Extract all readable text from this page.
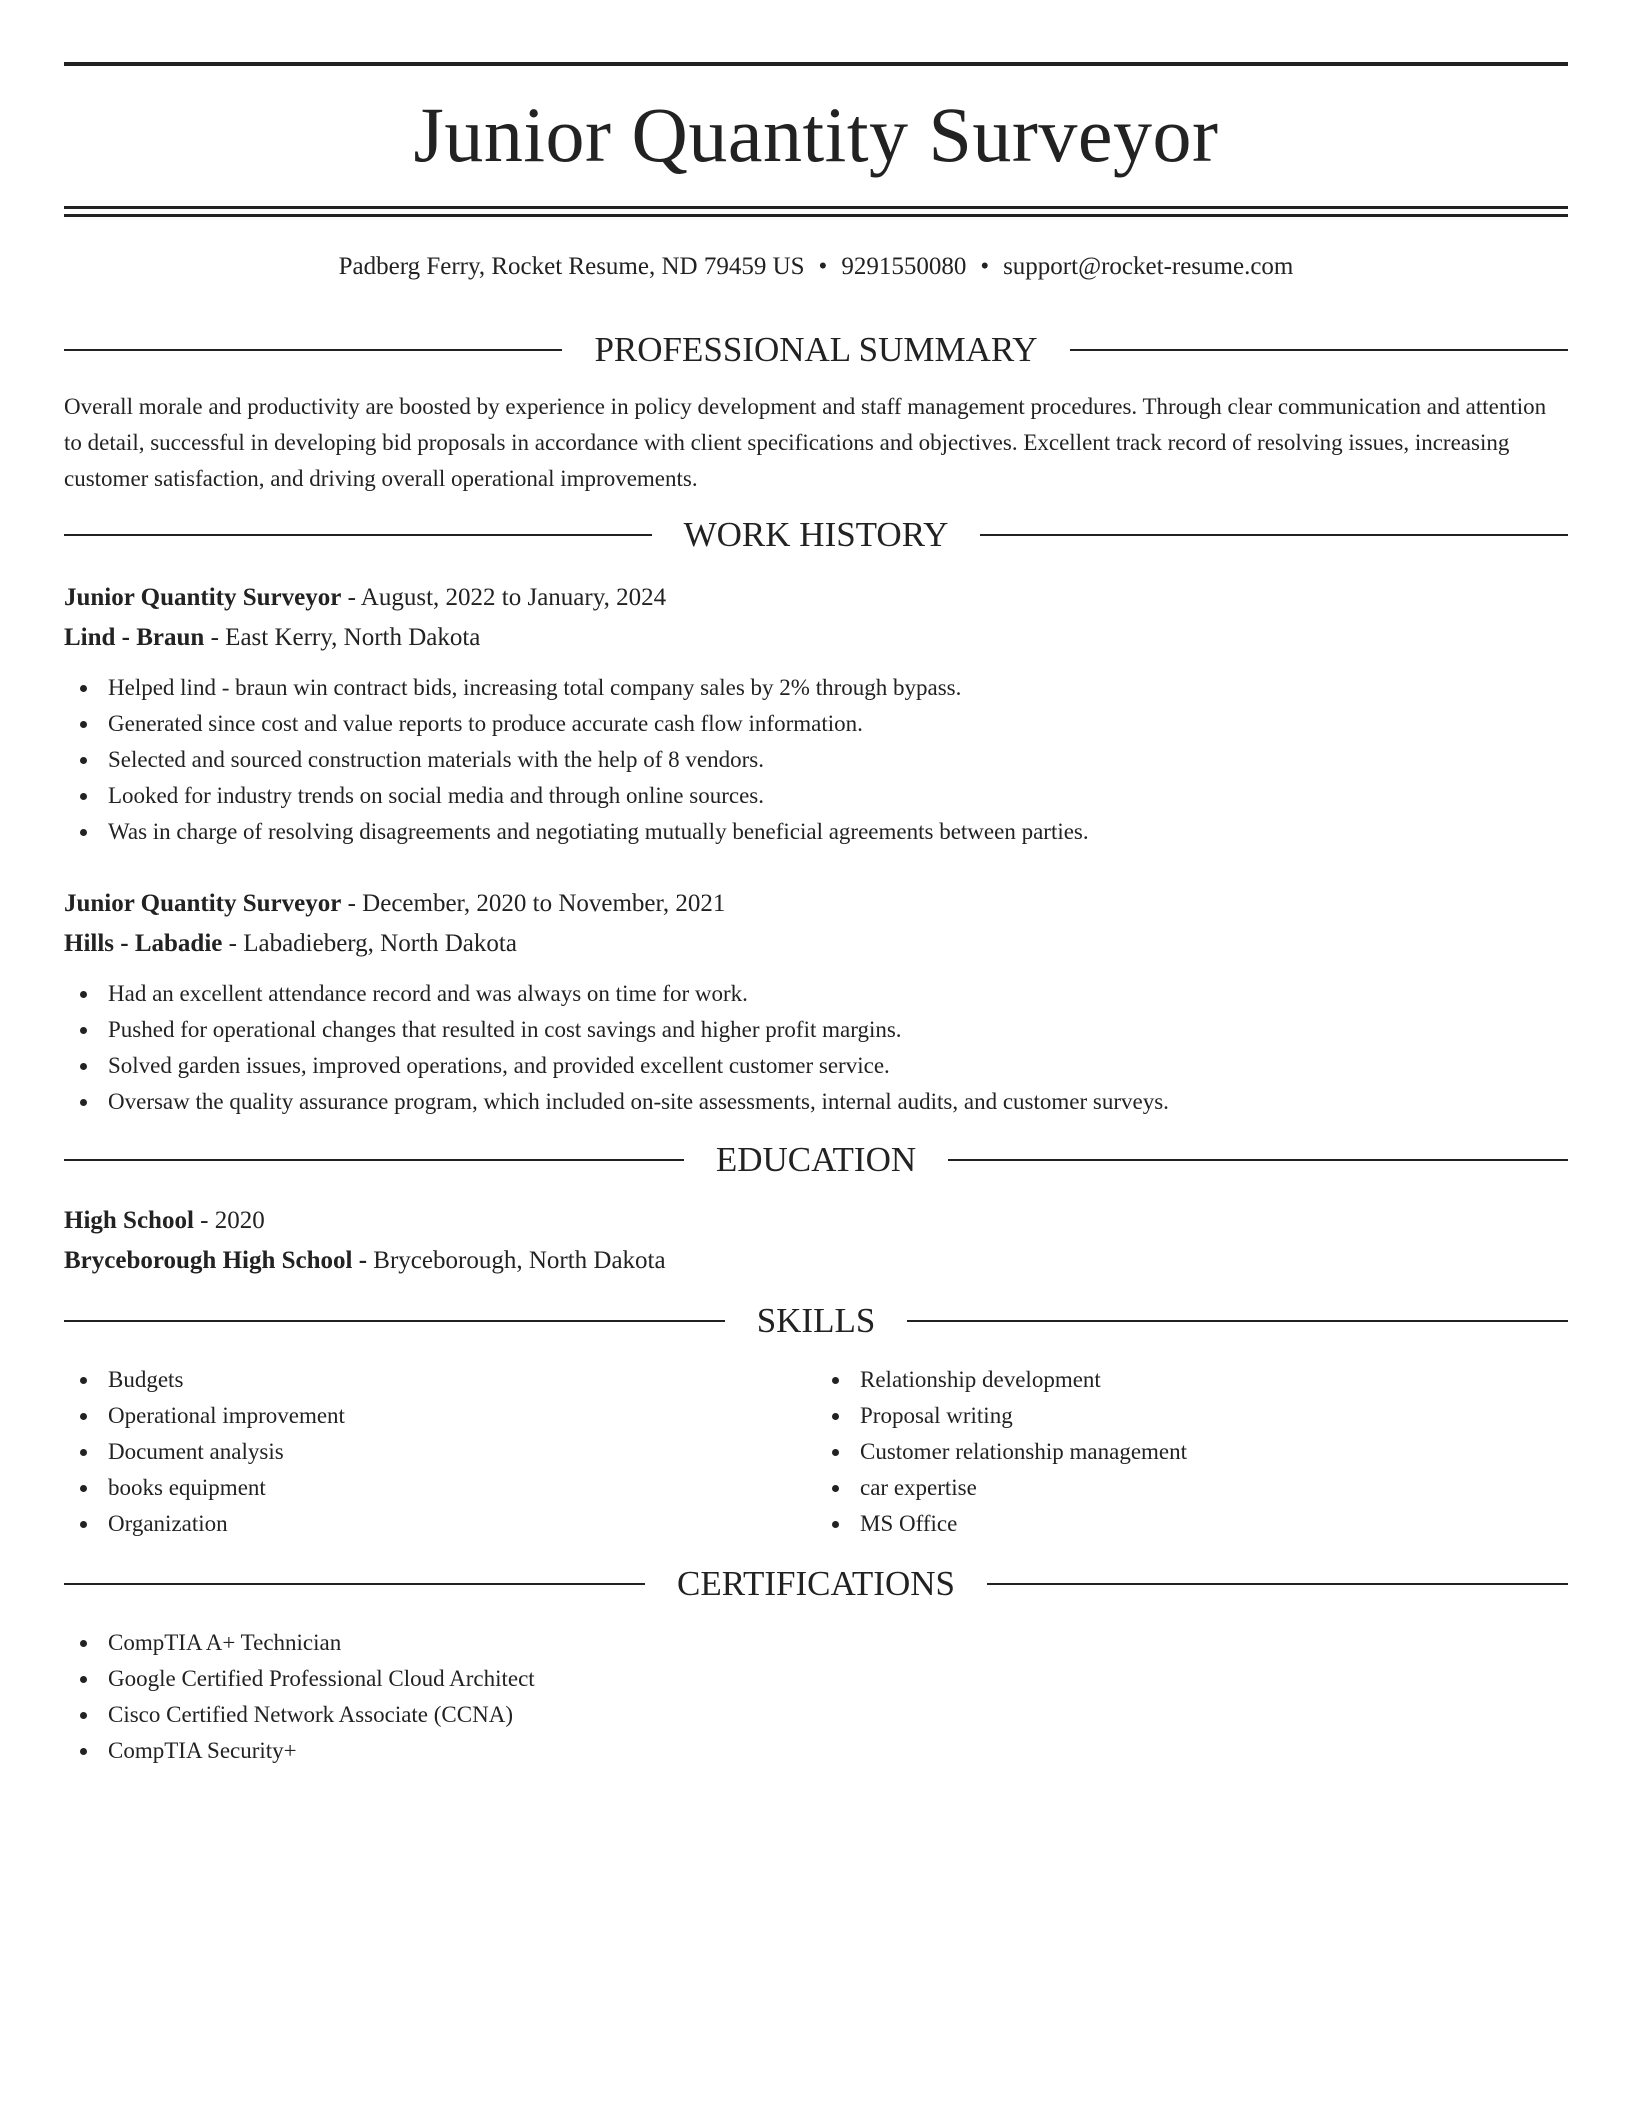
Junior Quantity Surveyor
Padberg Ferry, Rocket Resume, ND 79459 US • 9291550080 • support@rocket-resume.com
PROFESSIONAL SUMMARY

Overall morale and productivity are boosted by experience in policy development and staff management procedures. Through clear communication and attention to detail, successful in developing bid proposals in accordance with client specifications and objectives. Excellent track record of resolving issues, increasing customer satisfaction, and driving overall operational improvements.

WORK HISTORY
Junior Quantity Surveyor - August, 2022 to January, 2024
Lind - Braun - East Kerry, North Dakota
Helped lind - braun win contract bids, increasing total company sales by 2% through bypass.
Generated since cost and value reports to produce accurate cash flow information.
Selected and sourced construction materials with the help of 8 vendors.
Looked for industry trends on social media and through online sources.
Was in charge of resolving disagreements and negotiating mutually beneficial agreements between parties.
Junior Quantity Surveyor - December, 2020 to November, 2021
Hills - Labadie - Labadieberg, North Dakota
Had an excellent attendance record and was always on time for work.
Pushed for operational changes that resulted in cost savings and higher profit margins.
Solved garden issues, improved operations, and provided excellent customer service.
Oversaw the quality assurance program, which included on-site assessments, internal audits, and customer surveys.
EDUCATION
High School - 2020
Bryceborough High School - Bryceborough, North Dakota
SKILLS
Budgets
Operational improvement
Document analysis
books equipment
Organization
Relationship development
Proposal writing
Customer relationship management
car expertise
MS Office
CERTIFICATIONS
CompTIA A+ Technician
Google Certified Professional Cloud Architect
Cisco Certified Network Associate (CCNA)
CompTIA Security+
